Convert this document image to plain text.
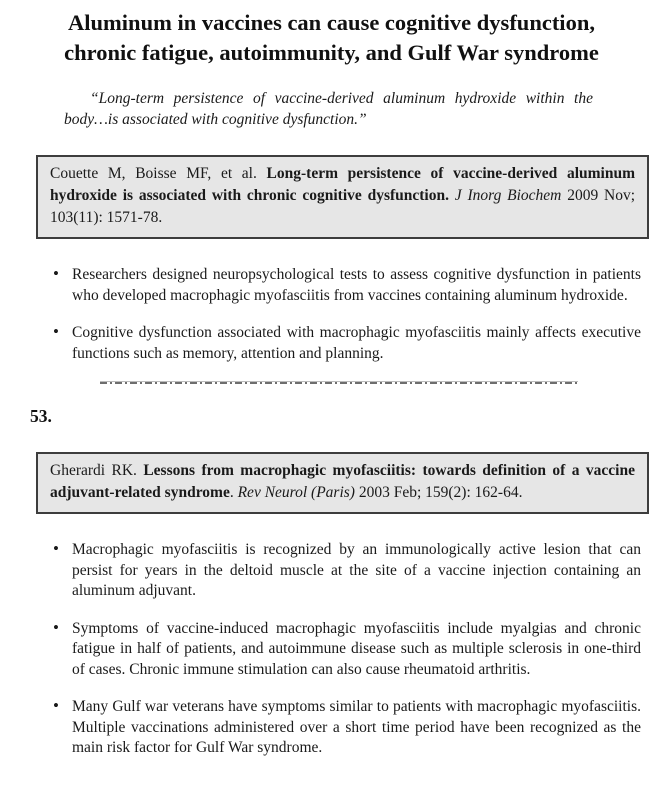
Aluminum in vaccines can cause cognitive dysfunction,
chronic fatigue, autoimmunity, and Gulf War syndrome

“Long-term persistence of vaccine-derived aluminum hydroxide within the body…is associated with cognitive dysfunction.”

Couette M, Boisse MF, et al. Long-term persistence of vaccine-derived aluminum hydroxide is associated with chronic cognitive dysfunction. J Inorg Biochem 2009 Nov; 103(11): 1571-78.
• Researchers designed neuropsychological tests to assess cognitive dysfunction in patients who developed macrophagic myofasciitis from vaccines containing aluminum hydroxide.
• Cognitive dysfunction associated with macrophagic myofasciitis mainly affects executive functions such as memory, attention and planning.
53.
Gherardi RK. Lessons from macrophagic myofasciitis: towards definition of a vaccine adjuvant-related syndrome. Rev Neurol (Paris) 2003 Feb; 159(2): 162-64.
• Macrophagic myofasciitis is recognized by an immunologically active lesion that can persist for years in the deltoid muscle at the site of a vaccine injection containing an aluminum adjuvant.
• Symptoms of vaccine-induced macrophagic myofasciitis include myalgias and chronic fatigue in half of patients, and autoimmune disease such as multiple sclerosis in one-third of cases. Chronic immune stimulation can also cause rheumatoid arthritis.
• Many Gulf war veterans have symptoms similar to patients with macrophagic myofasciitis. Multiple vaccinations administered over a short time period have been recognized as the main risk factor for Gulf War syndrome.
